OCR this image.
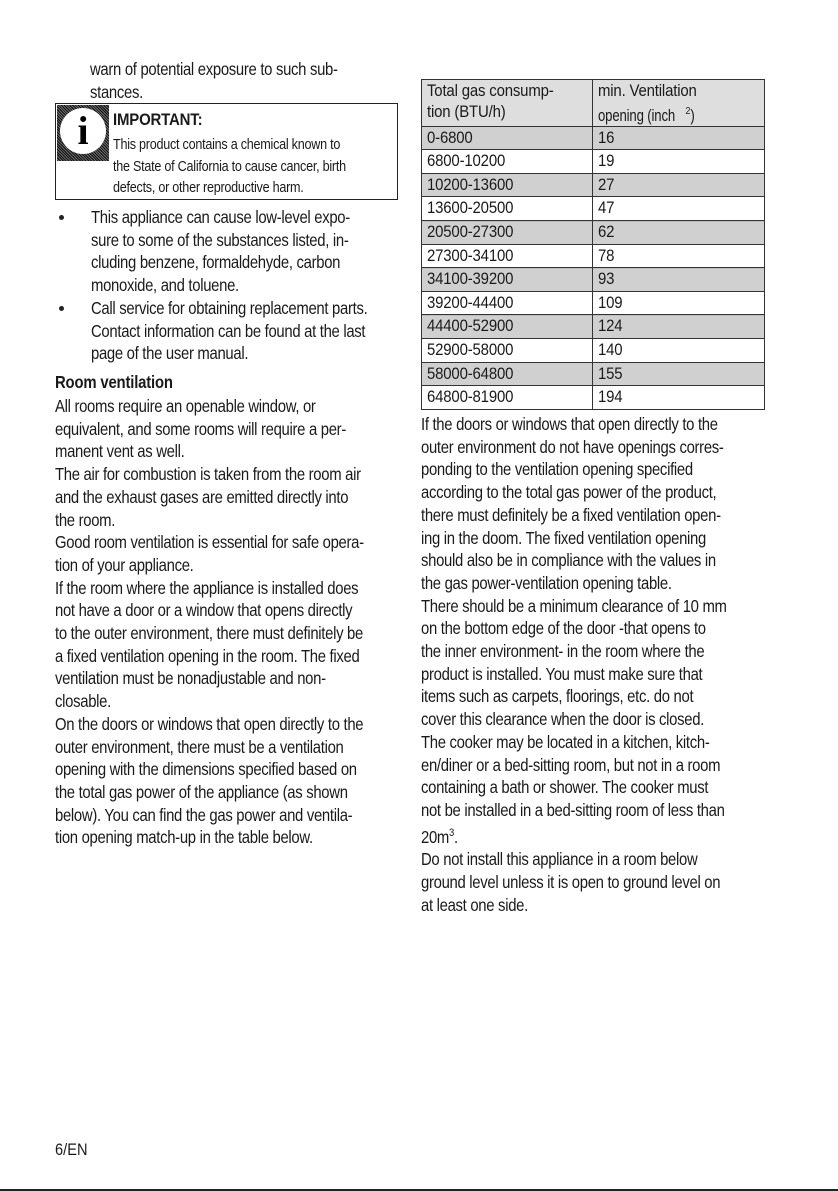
warn of potential exposure to such sub-
stances.
i	IMPORTANT:
This product contains a chemical known to
the State of California to cause cancer, birth
defects, or other reproductive harm.
This appliance can cause low-level expo-
sure to some of the substances listed, in-
cluding benzene, formaldehyde, carbon
monoxide, and toluene.
Call service for obtaining replacement parts.
Contact information can be found at the last
page of the user manual.
Room ventilation
All rooms require an openable window, or
equivalent, and some rooms will require a per-
manent vent as well.
The air for combustion is taken from the room air
and the exhaust gases are emitted directly into
the room.
Good room ventilation is essential for safe opera-
tion of your appliance.
If the room where the appliance is installed does
not have a door or a window that opens directly
to the outer environment, there must definitely be
a fixed ventilation opening in the room. The fixed
ventilation must be nonadjustable and non-
closable.
On the doors or windows that open directly to the
outer environment, there must be a ventilation
opening with the dimensions specified based on
the total gas power of the appliance (as shown
below). You can find the gas power and ventila-
tion opening match-up in the table below.
Total gas consump-
tion (BTU/h)	min. Ventilation
opening (inch $^2$)
0-6800	16
6800-10200	19
10200-13600	27
13600-20500	47
20500-27300	62
27300-34100	78
34100-39200	93
39200-44400	109
44400-52900	124
52900-58000	140
58000-64800	155
64800-81900	194
If the doors or windows that open directly to the
outer environment do not have openings corres-
ponding to the ventilation opening specified
according to the total gas power of the product,
there must definitely be a fixed ventilation open-
ing in the doom. The fixed ventilation opening
should also be in compliance with the values in
the gas power-ventilation opening table.
There should be a minimum clearance of 10 mm
on the bottom edge of the door -that opens to
the inner environment- in the room where the
product is installed. You must make sure that
items such as carpets, floorings, etc. do not
cover this clearance when the door is closed.
The cooker may be located in a kitchen, kitch-
en/diner or a bed-sitting room, but not in a room
containing a bath or shower. The cooker must
not be installed in a bed-sitting room of less than
$20m^3$.
Do not install this appliance in a room below
ground level unless it is open to ground level on
at least one side.
6/EN
